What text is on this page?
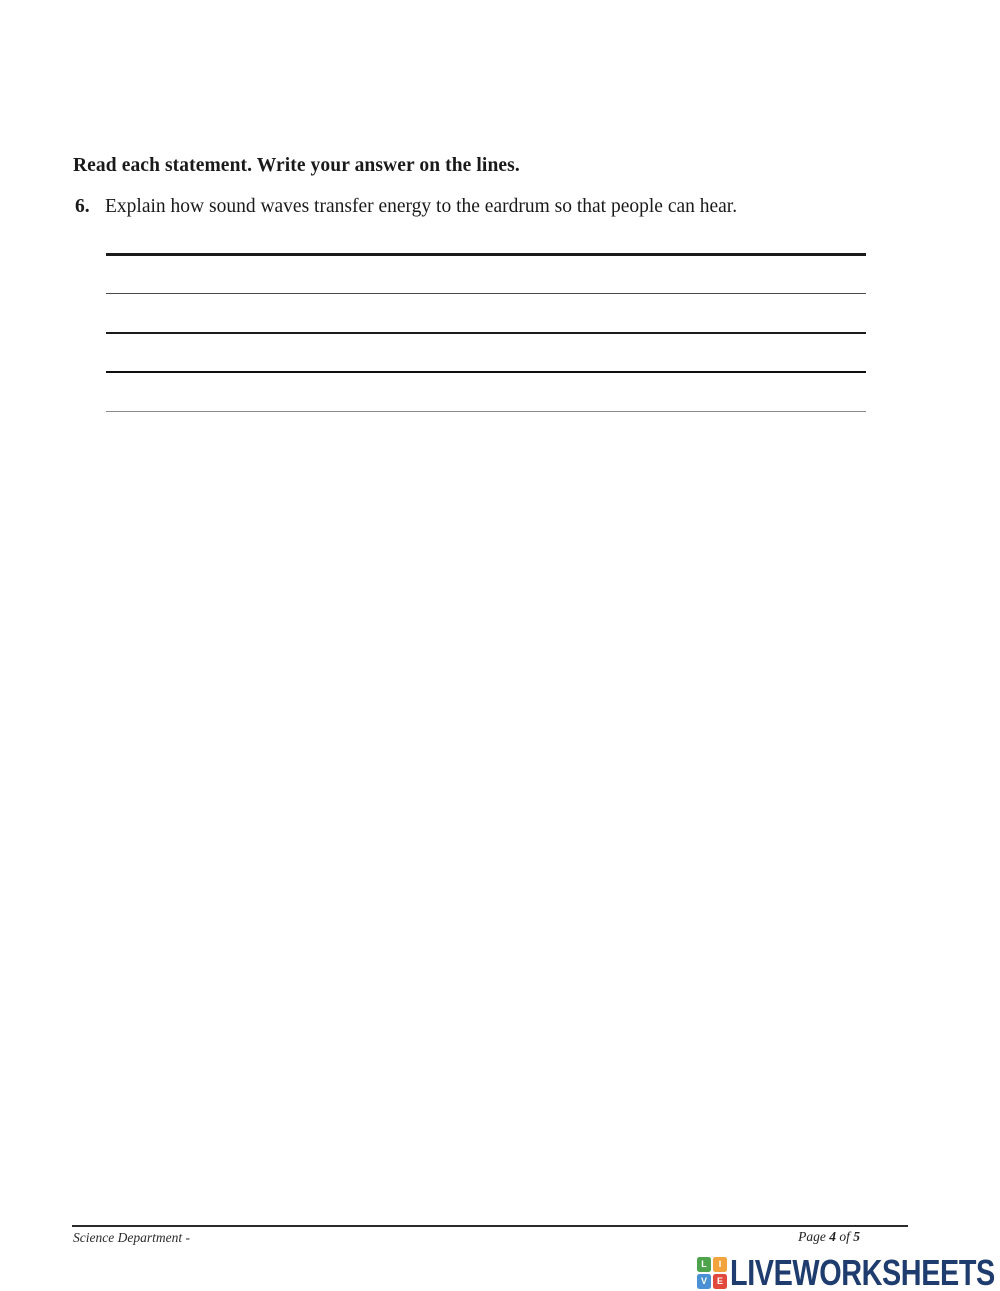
Read each statement. Write your answer on the lines.
6. Explain how sound waves transfer energy to the eardrum so that people can hear.
Science Department -	Page 4 of 5
L	I
V	E LIVEWORKSHEETS
